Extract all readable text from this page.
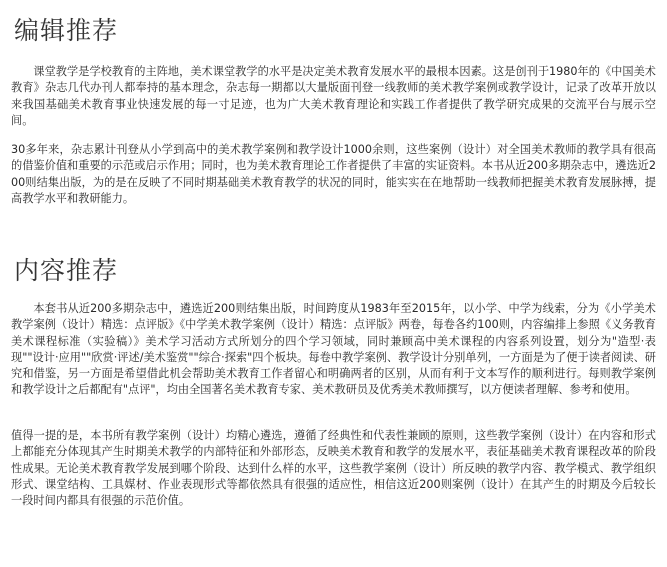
编辑推荐

课堂教学是学校教育的主阵地，美术课堂教学的水平是决定美术教育发展水平的最根本因素。这是创刊于1980年的《中国美术教育》杂志几代办刊人都奉持的基本理念，杂志每一期都以大量版面刊登一线教师的美术教学案例或教学设计，记录了改革开放以来我国基础美术教育事业快速发展的每一寸足迹，也为广大美术教育理论和实践工作者提供了教学研究成果的交流平台与展示空间。

30多年来，杂志累计刊登从小学到高中的美术教学案例和教学设计1000余则，这些案例（设计）对全国美术教师的教学具有很高的借鉴价值和重要的示范或启示作用；同时，也为美术教育理论工作者提供了丰富的实证资料。本书从近200多期杂志中，遴选近200则结集出版，为的是在反映了不同时期基础美术教育教学的状况的同时，能实实在在地帮助一线教师把握美术教育发展脉搏，提高教学水平和教研能力。

内容推荐

本套书从近200多期杂志中，遴选近200则结集出版，时间跨度从1983年至2015年，以小学、中学为线索，分为《小学美术教学案例（设计）精选：点评版》《中学美术教学案例（设计）精选：点评版》两卷，每卷各约100则，内容编排上参照《义务教育美术课程标准（实验稿）》美术学习活动方式所划分的四个学习领域，同时兼顾高中美术课程的内容系列设置，划分为"造型·表现""设计·应用""欣赏·评述/美术鉴赏""综合·探索"四个板块。每卷中教学案例、教学设计分别单列，一方面是为了便于读者阅读、研究和借鉴，另一方面是希望借此机会帮助美术教育工作者留心和明确两者的区别，从而有利于文本写作的顺利进行。每则教学案例和教学设计之后都配有"点评"，均由全国著名美术教育专家、美术教研员及优秀美术教师撰写，以方便读者理解、参考和使用。

值得一提的是，本书所有教学案例（设计）均精心遴选，遵循了经典性和代表性兼顾的原则，这些教学案例（设计）在内容和形式上都能充分体现其产生时期美术教学的内部特征和外部形态，反映美术教育和教学的发展水平，表征基础美术教育课程改革的阶段性成果。无论美术教育教学发展到哪个阶段、达到什么样的水平，这些教学案例（设计）所反映的教学内容、教学模式、教学组织形式、课堂结构、工具媒材、作业表现形式等都依然具有很强的适应性，相信这近200则案例（设计）在其产生的时期及今后较长一段时间内都具有很强的示范价值。
